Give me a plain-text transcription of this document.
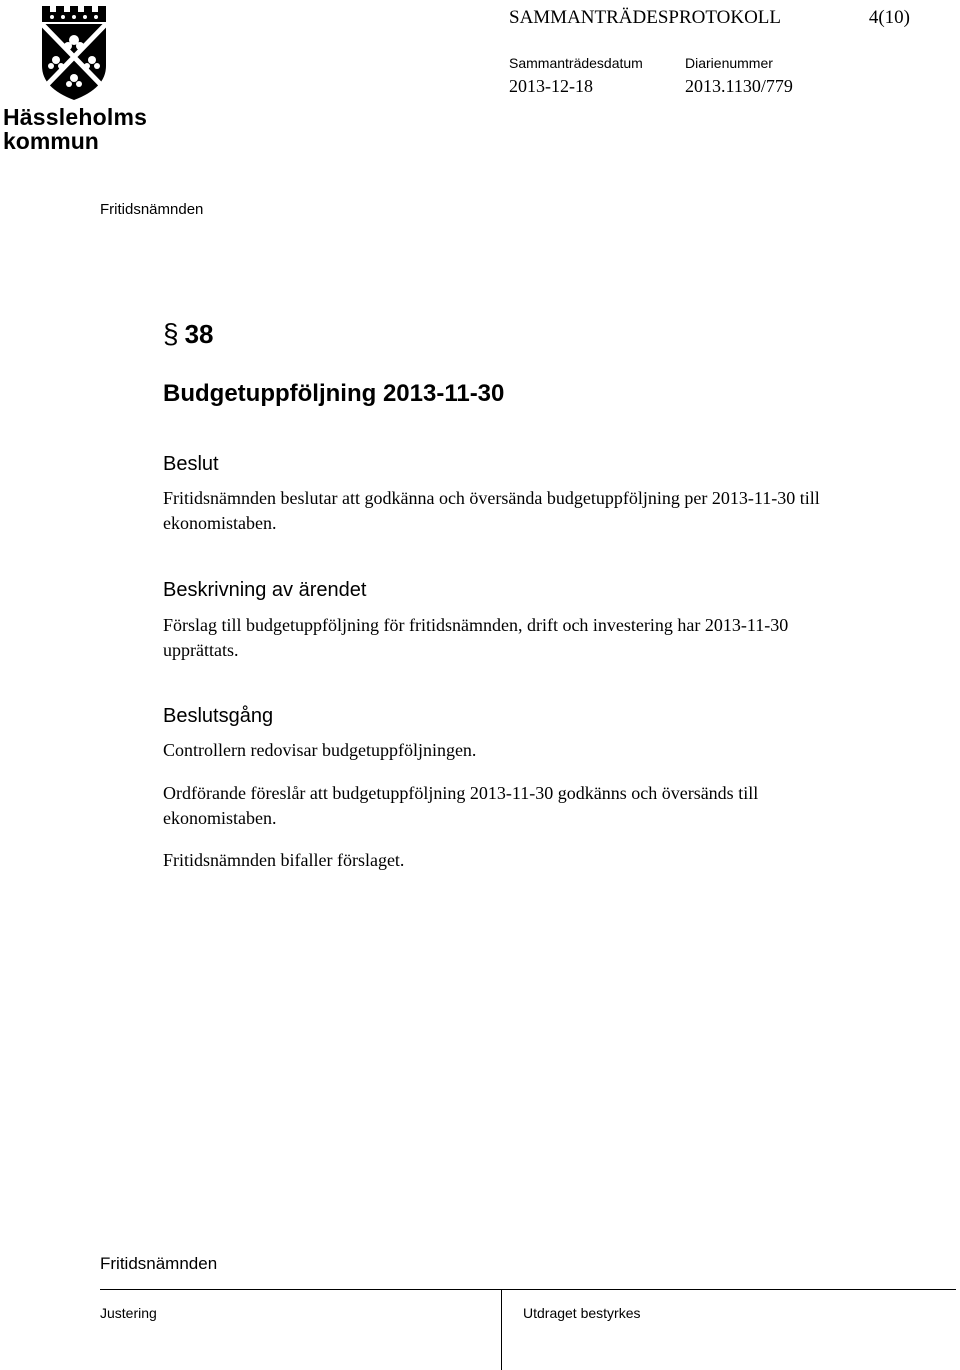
Hässleholms
kommun
SAMMANTRÄDESPROTOKOLL	4(10)
Sammanträdesdatum
2013-12-18
Diarienummer
2013.1130/779
Fritidsnämnden
§ 38
Budgetuppföljning 2013-11-30
Beslut
Fritidsnämnden beslutar att godkänna och översända budgetuppföljning per 2013-11-30 till ekonomistaben.
Beskrivning av ärendet
Förslag till budgetuppföljning för fritidsnämnden, drift och investering har 2013-11-30 upprättats.
Beslutsgång
Controllern redovisar budgetuppföljningen.
Ordförande föreslår att budgetuppföljning 2013-11-30 godkänns och översänds till ekonomistaben.
Fritidsnämnden bifaller förslaget.
Fritidsnämnden
Justering	Utdraget bestyrkes
